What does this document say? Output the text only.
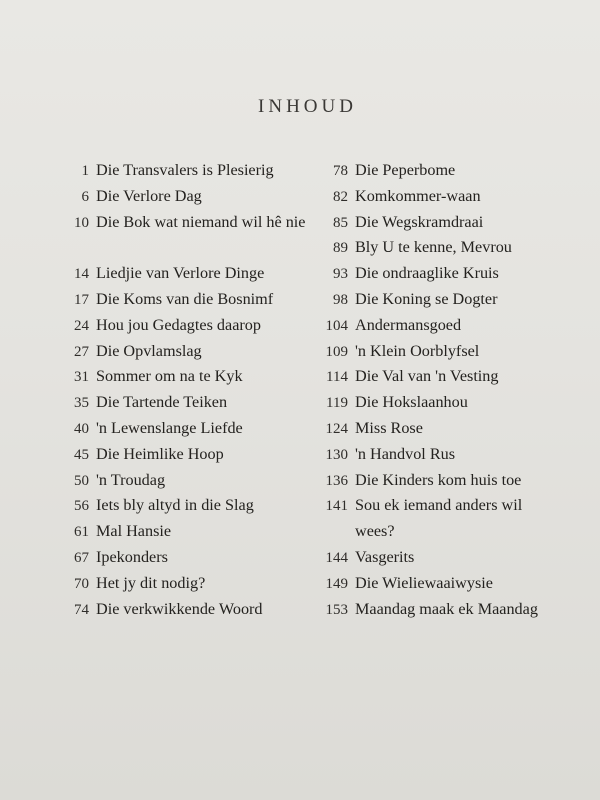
INHOUD
1 Die Transvalers is Plesierig
6 Die Verlore Dag
10 Die Bok wat niemand wil hê nie
14 Liedjie van Verlore Dinge
17 Die Koms van die Bosnimf
24 Hou jou Gedagtes daarop
27 Die Opvlamslag
31 Sommer om na te Kyk
35 Die Tartende Teiken
40 'n Lewenslange Liefde
45 Die Heimlike Hoop
50 'n Troudag
56 Iets bly altyd in die Slag
61 Mal Hansie
67 Ipekonders
70 Het jy dit nodig?
74 Die verkwikkende Woord
78 Die Peperbome
82 Komkommer-waan
85 Die Wegskramdraai
89 Bly U te kenne, Mevrou
93 Die ondraaglike Kruis
98 Die Koning se Dogter
104 Andermansgoed
109 'n Klein Oorblyfsel
114 Die Val van 'n Vesting
119 Die Hokslaanhou
124 Miss Rose
130 'n Handvol Rus
136 Die Kinders kom huis toe
141 Sou ek iemand anders wil wees?
144 Vasgerits
149 Die Wieliewaaiwysie
153 Maandag maak ek Maandag
